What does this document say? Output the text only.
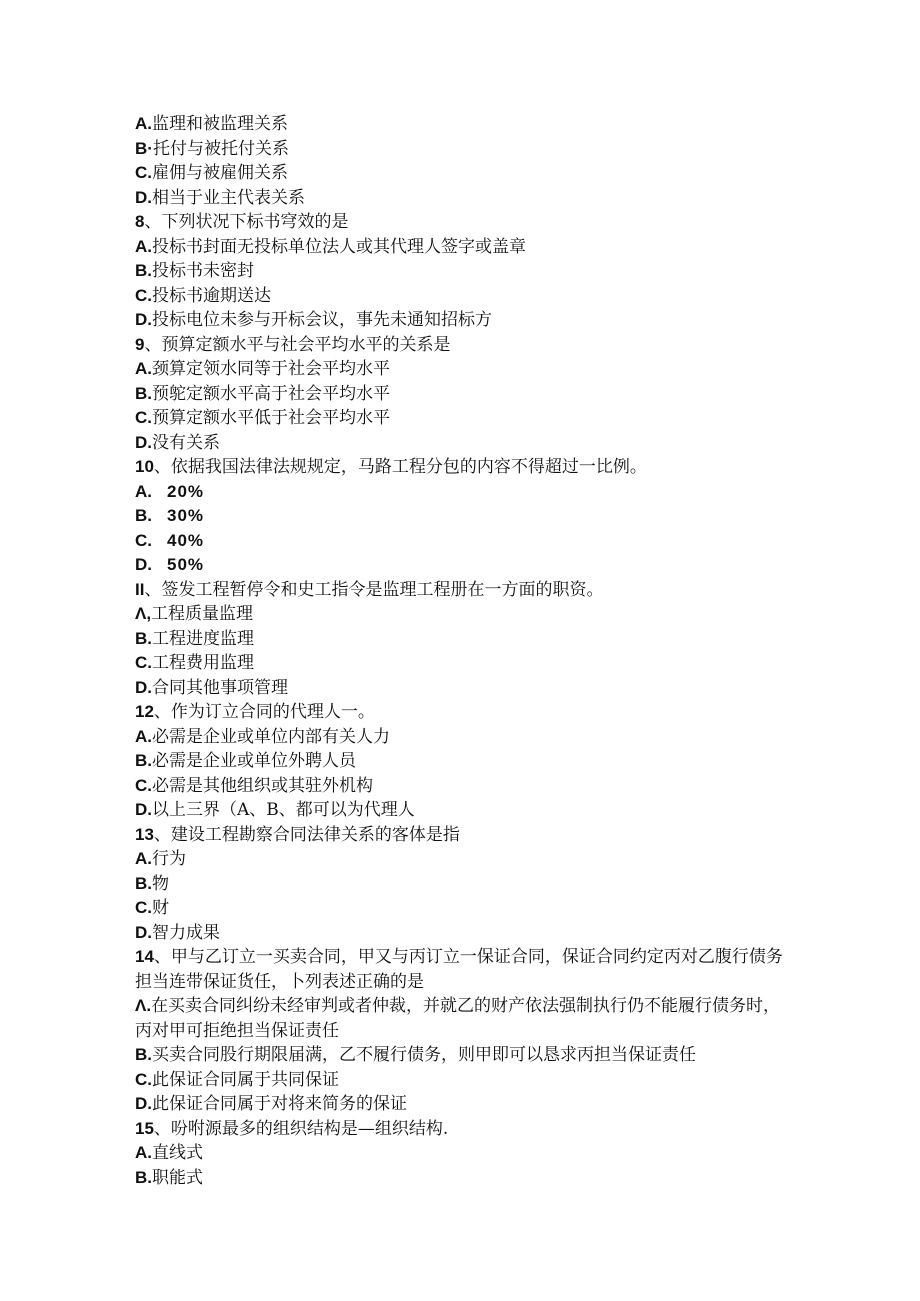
A.监理和被监理关系
B·托付与被托付关系
C.雇佣与被雇佣关系
D.相当于业主代表关系
8、下列状况下标书穹效的是
A.投标书封面无投标单位法人或其代理人签字或盖章
B.投标书未密封
C.投标书逾期送达
D.投标电位未参与开标会议，事先未通知招标方
9、预算定额水平与社会平均水平的关系是
A.颈算定领水同等于社会平均水平
B.预鸵定额水平高于社会平均水平
C.预算定额水平低于社会平均水平
D.没有关系
10、依据我国法律法规规定，马路工程分包的内容不得超过一比例。
A. 20%
B. 30%
C. 40%
D. 50%
II、签发工程暂停令和史工指令是监理工程册在一方面的职资。
Λ,工程质量监理
B.工程进度监理
C.工程费用监理
D.合同其他事项管理
12、作为订立合同的代理人一。
A.必需是企业或单位内部有关人力
B.必需是企业或单位外聘人员
C.必需是其他组织或其驻外机构
D.以上三界（A、B、都可以为代理人
13、建设工程勘察合同法律关系的客体是指
A.行为
B.物
C.财
D.智力成果
14、甲与乙订立一买卖合同，甲又与丙订立一保证合同，保证合同约定丙对乙腹行债务担当连带保证货任，卜列表述正确的是
Λ.在买卖合同纠纷未经审判或者仲裁，并就乙的财产依法强制执行仍不能履行债务时，丙对甲可拒绝担当保证责任
B.买卖合同股行期限届满，乙不履行债务，则甲即可以恳求丙担当保证责任
C.此保证合同属于共同保证
D.此保证合同属于对将来简务的保证
15、吩咐源最多的组织结构是—组织结构.
A.直线式
B.职能式
